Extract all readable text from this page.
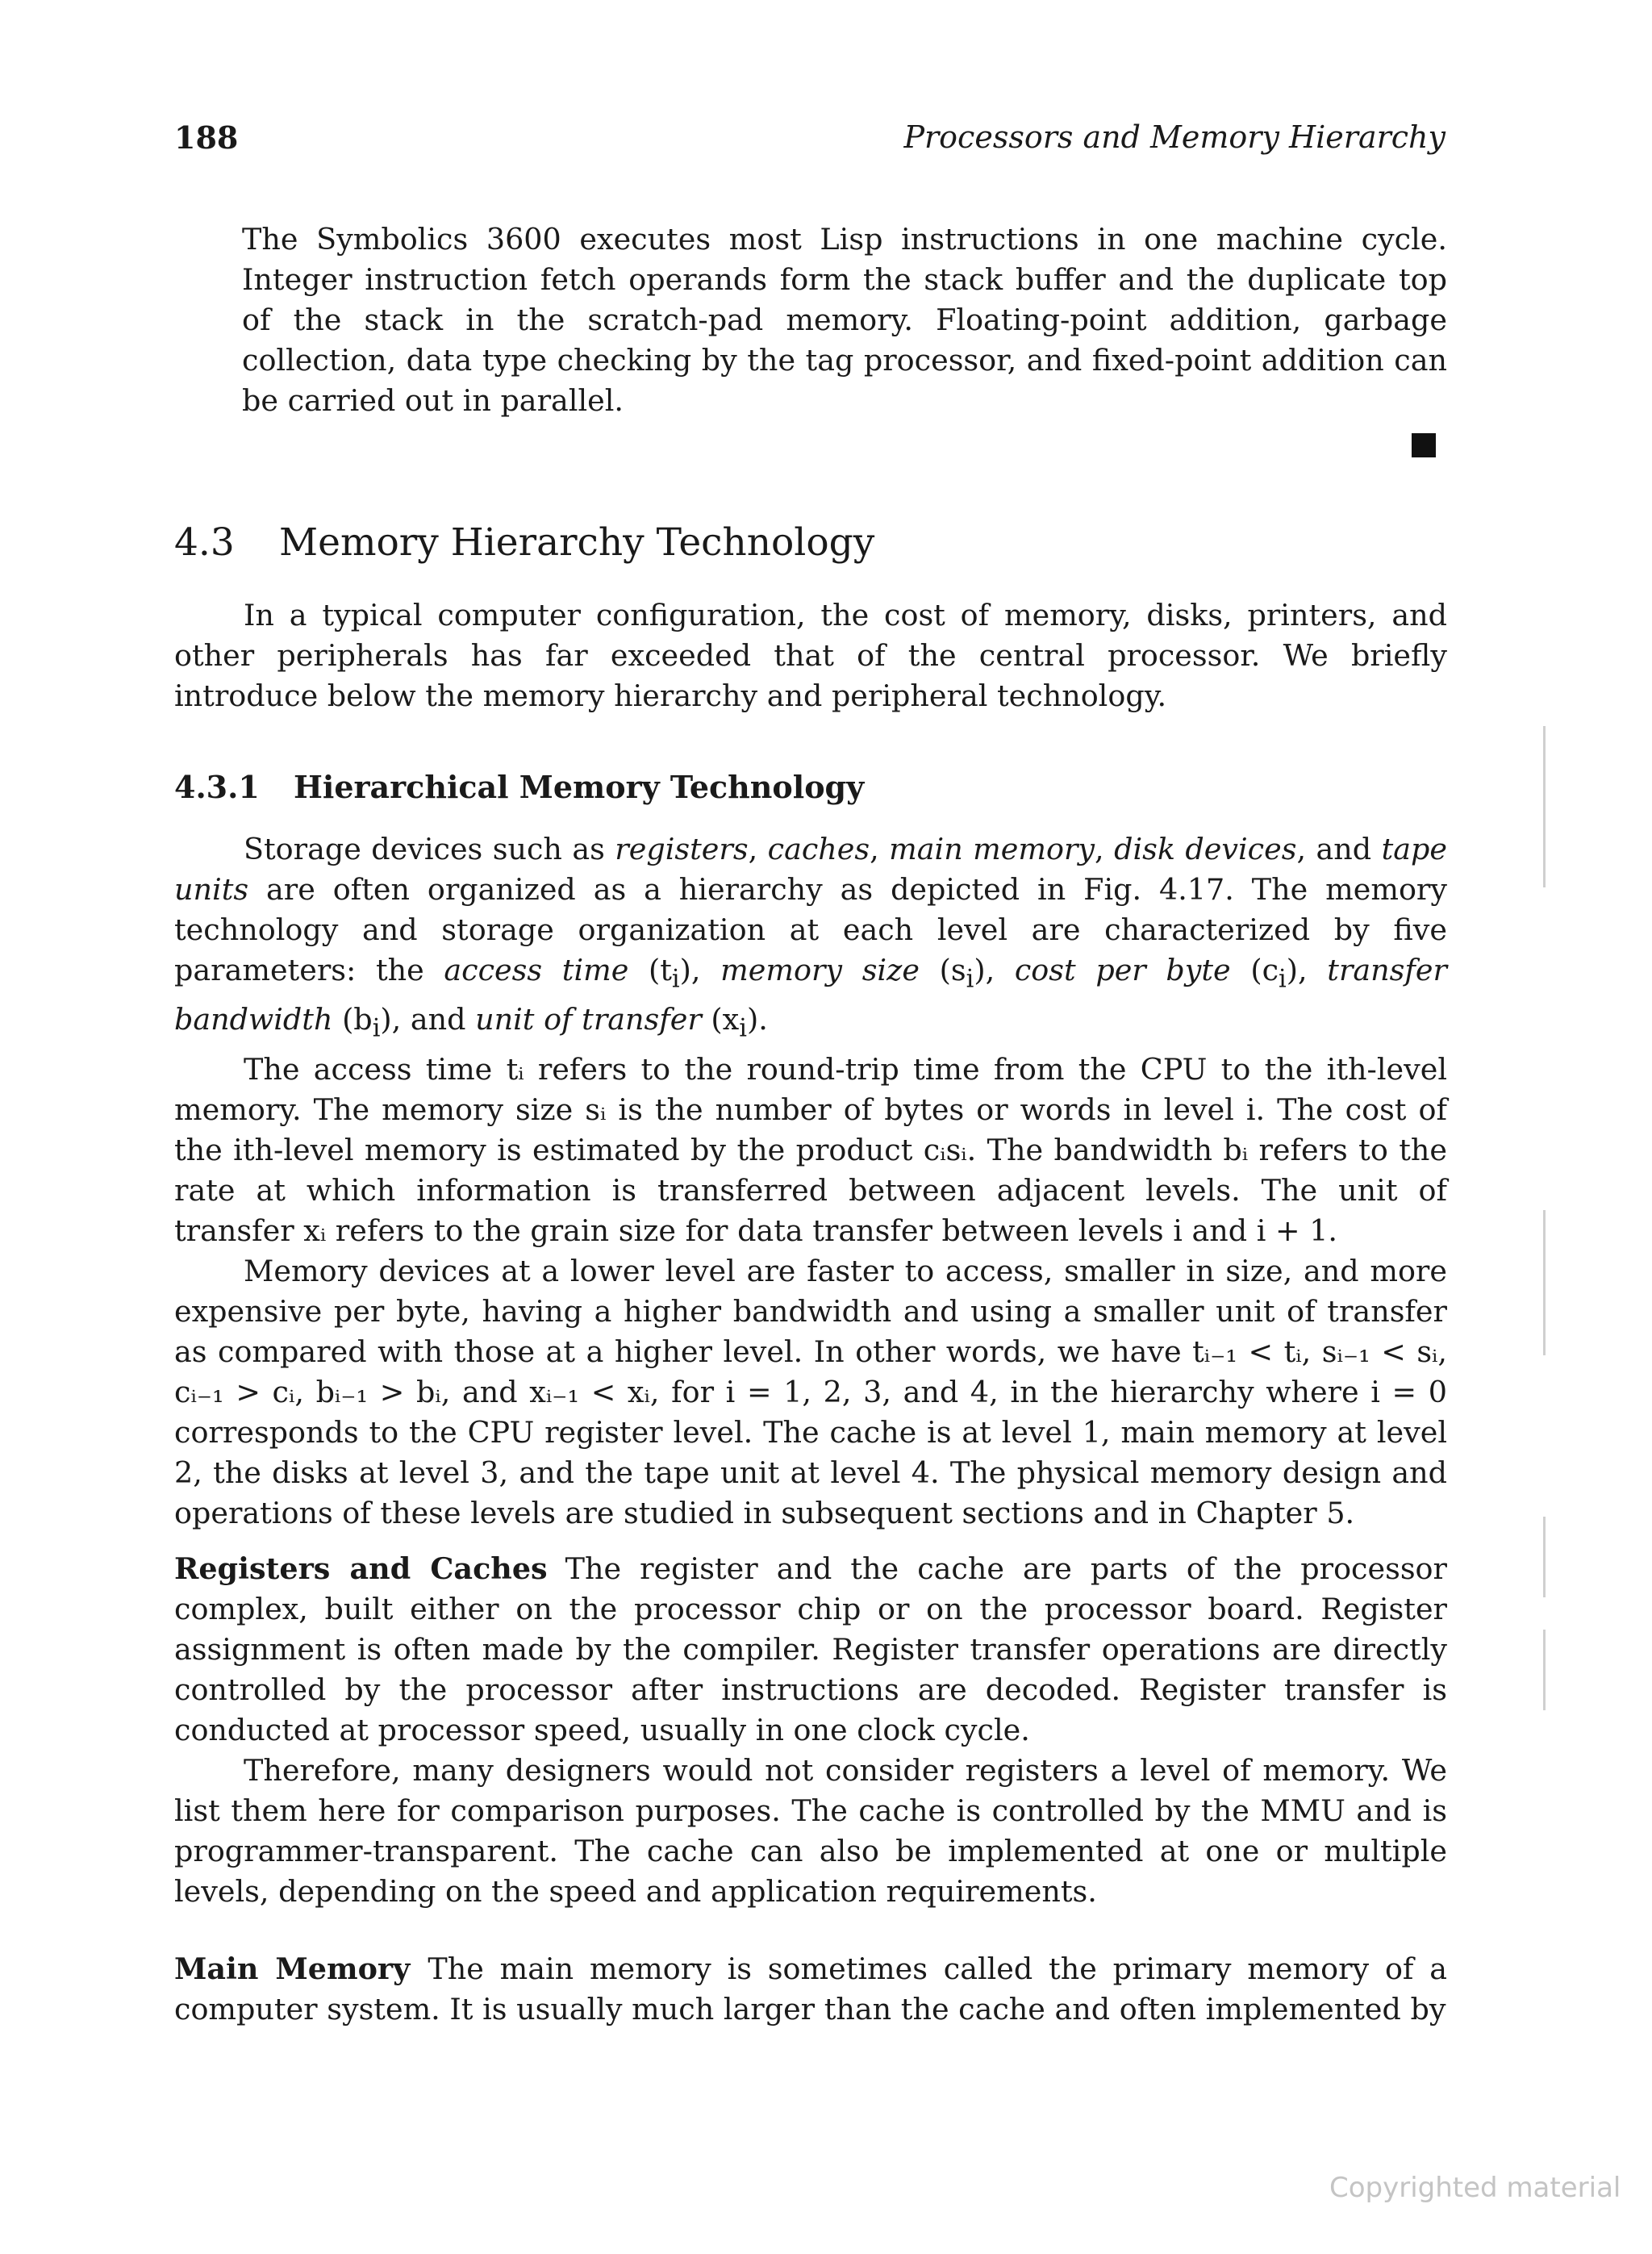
188	Processors and Memory Hierarchy

The Symbolics 3600 executes most Lisp instructions in one machine cycle. Integer instruction fetch operands form the stack buffer and the duplicate top of the stack in the scratch-pad memory. Floating-point addition, garbage collection, data type checking by the tag processor, and fixed-point addition can be carried out in parallel.

4.3 Memory Hierarchy Technology

In a typical computer configuration, the cost of memory, disks, printers, and other peripherals has far exceeded that of the central processor. We briefly introduce below the memory hierarchy and peripheral technology.

4.3.1 Hierarchical Memory Technology

Storage devices such as registers, caches, main memory, disk devices, and tape units are often organized as a hierarchy as depicted in Fig. 4.17. The memory technology and storage organization at each level are characterized by five parameters: the access time $(t_i)$, memory size $(s_i)$, cost per byte $(c_i)$, transfer bandwidth $(b_i)$, and unit of transfer $(x_i)$.

The access time tᵢ refers to the round-trip time from the CPU to the ith-level memory. The memory size sᵢ is the number of bytes or words in level i. The cost of the ith-level memory is estimated by the product cᵢsᵢ. The bandwidth bᵢ refers to the rate at which information is transferred between adjacent levels. The unit of transfer xᵢ refers to the grain size for data transfer between levels i and i + 1.

Memory devices at a lower level are faster to access, smaller in size, and more expensive per byte, having a higher bandwidth and using a smaller unit of transfer as compared with those at a higher level. In other words, we have tᵢ₋₁ < tᵢ, sᵢ₋₁ < sᵢ, cᵢ₋₁ > cᵢ, bᵢ₋₁ > bᵢ, and xᵢ₋₁ < xᵢ, for i = 1, 2, 3, and 4, in the hierarchy where i = 0 corresponds to the CPU register level. The cache is at level 1, main memory at level 2, the disks at level 3, and the tape unit at level 4. The physical memory design and operations of these levels are studied in subsequent sections and in Chapter 5.

Registers and Caches The register and the cache are parts of the processor complex, built either on the processor chip or on the processor board. Register assignment is often made by the compiler. Register transfer operations are directly controlled by the processor after instructions are decoded. Register transfer is conducted at processor speed, usually in one clock cycle.

Therefore, many designers would not consider registers a level of memory. We list them here for comparison purposes. The cache is controlled by the MMU and is programmer-transparent. The cache can also be implemented at one or multiple levels, depending on the speed and application requirements.

Main Memory The main memory is sometimes called the primary memory of a computer system. It is usually much larger than the cache and often implemented by

Copyrighted material
